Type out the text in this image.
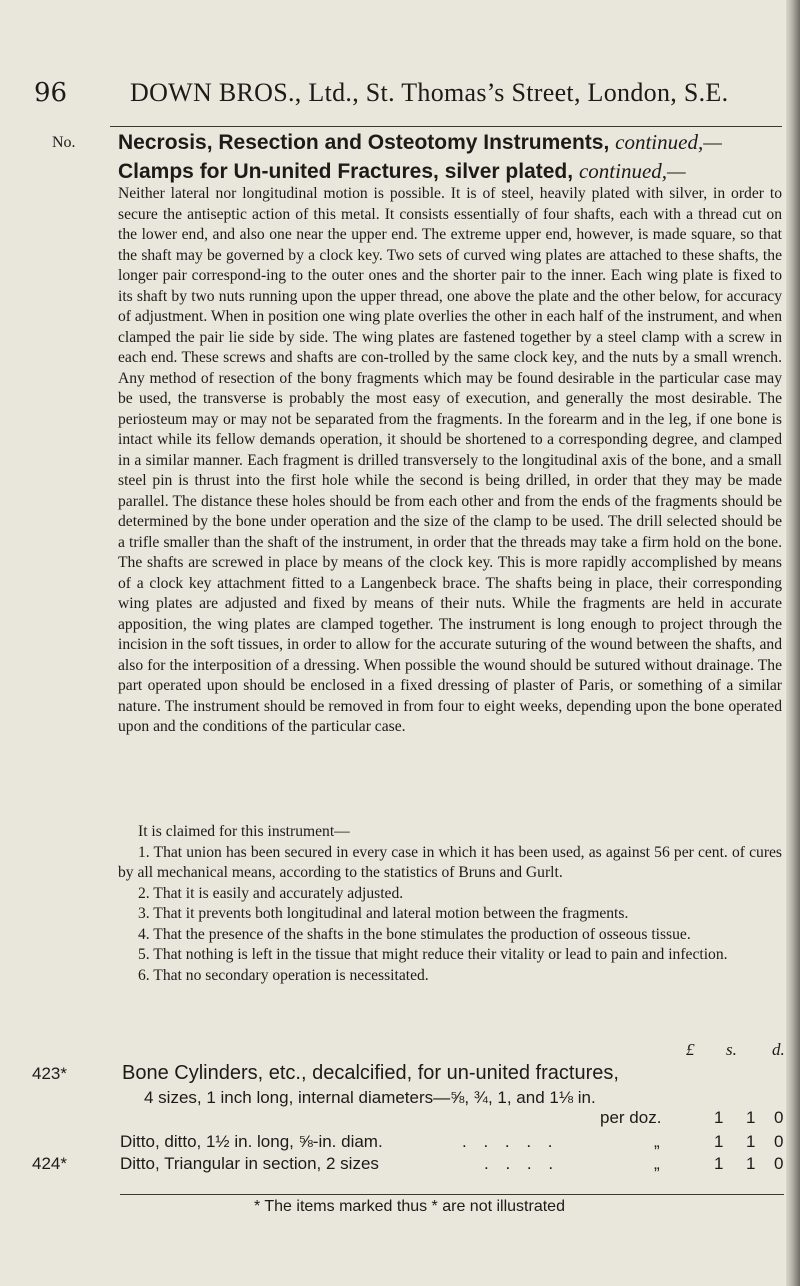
96 DOWN BROS., Ltd., St. Thomas’s Street, London, S.E.
No. Necrosis, Resection and Osteotomy Instruments, continued,—
Clamps for Un-united Fractures, silver plated, continued,—

Neither lateral nor longitudinal motion is possible. It is of steel, heavily plated with silver, in order to secure the antiseptic action of this metal. It consists essentially of four shafts, each with a thread cut on the lower end, and also one near the upper end. The extreme upper end, however, is made square, so that the shaft may be governed by a clock key. Two sets of curved wing plates are attached to these shafts, the longer pair correspond-ing to the outer ones and the shorter pair to the inner. Each wing plate is fixed to its shaft by two nuts running upon the upper thread, one above the plate and the other below, for accuracy of adjustment. When in position one wing plate overlies the other in each half of the instrument, and when clamped the pair lie side by side. The wing plates are fastened together by a steel clamp with a screw in each end. These screws and shafts are con-trolled by the same clock key, and the nuts by a small wrench. Any method of resection of the bony fragments which may be found desirable in the particular case may be used, the transverse is probably the most easy of execution, and generally the most desirable. The periosteum may or may not be separated from the fragments. In the forearm and in the leg, if one bone is intact while its fellow demands operation, it should be shortened to a corresponding degree, and clamped in a similar manner. Each fragment is drilled transversely to the longitudinal axis of the bone, and a small steel pin is thrust into the first hole while the second is being drilled, in order that they may be made parallel. The distance these holes should be from each other and from the ends of the fragments should be determined by the bone under operation and the size of the clamp to be used. The drill selected should be a trifle smaller than the shaft of the instrument, in order that the threads may take a firm hold on the bone. The shafts are screwed in place by means of the clock key. This is more rapidly accomplished by means of a clock key attachment fitted to a Langenbeck brace. The shafts being in place, their corresponding wing plates are adjusted and fixed by means of their nuts. While the fragments are held in accurate apposition, the wing plates are clamped together. The instrument is long enough to project through the incision in the soft tissues, in order to allow for the accurate suturing of the wound between the shafts, and also for the interposition of a dressing. When possible the wound should be sutured without drainage. The part operated upon should be enclosed in a fixed dressing of plaster of Paris, or something of a similar nature. The instrument should be removed in from four to eight weeks, depending upon the bone operated upon and the conditions of the particular case.

It is claimed for this instrument—

1. That union has been secured in every case in which it has been used, as against 56 per cent. of cures by all mechanical means, according to the statistics of Bruns and Gurlt.

2. That it is easily and accurately adjusted.

3. That it prevents both longitudinal and lateral motion between the fragments.

4. That the presence of the shafts in the bone stimulates the production of osseous tissue.

5. That nothing is left in the tissue that might reduce their vitality or lead to pain and infection.

6. That no secondary operation is necessitated.

£ s. d.
423*	Bone Cylinders, etc., decalcified, for un-united fractures,
4 sizes, 1 inch long, internal diameters—⅝, ¾, 1, and 1⅛ in.
per doz.	1 1 0
Ditto, ditto, 1½ in. long, ⅝-in. diam.	. . . . .	„	1 1 0
424*	Ditto, Triangular in section, 2 sizes	. . . .	„	1 1 0
* The items marked thus * are not illustrated
